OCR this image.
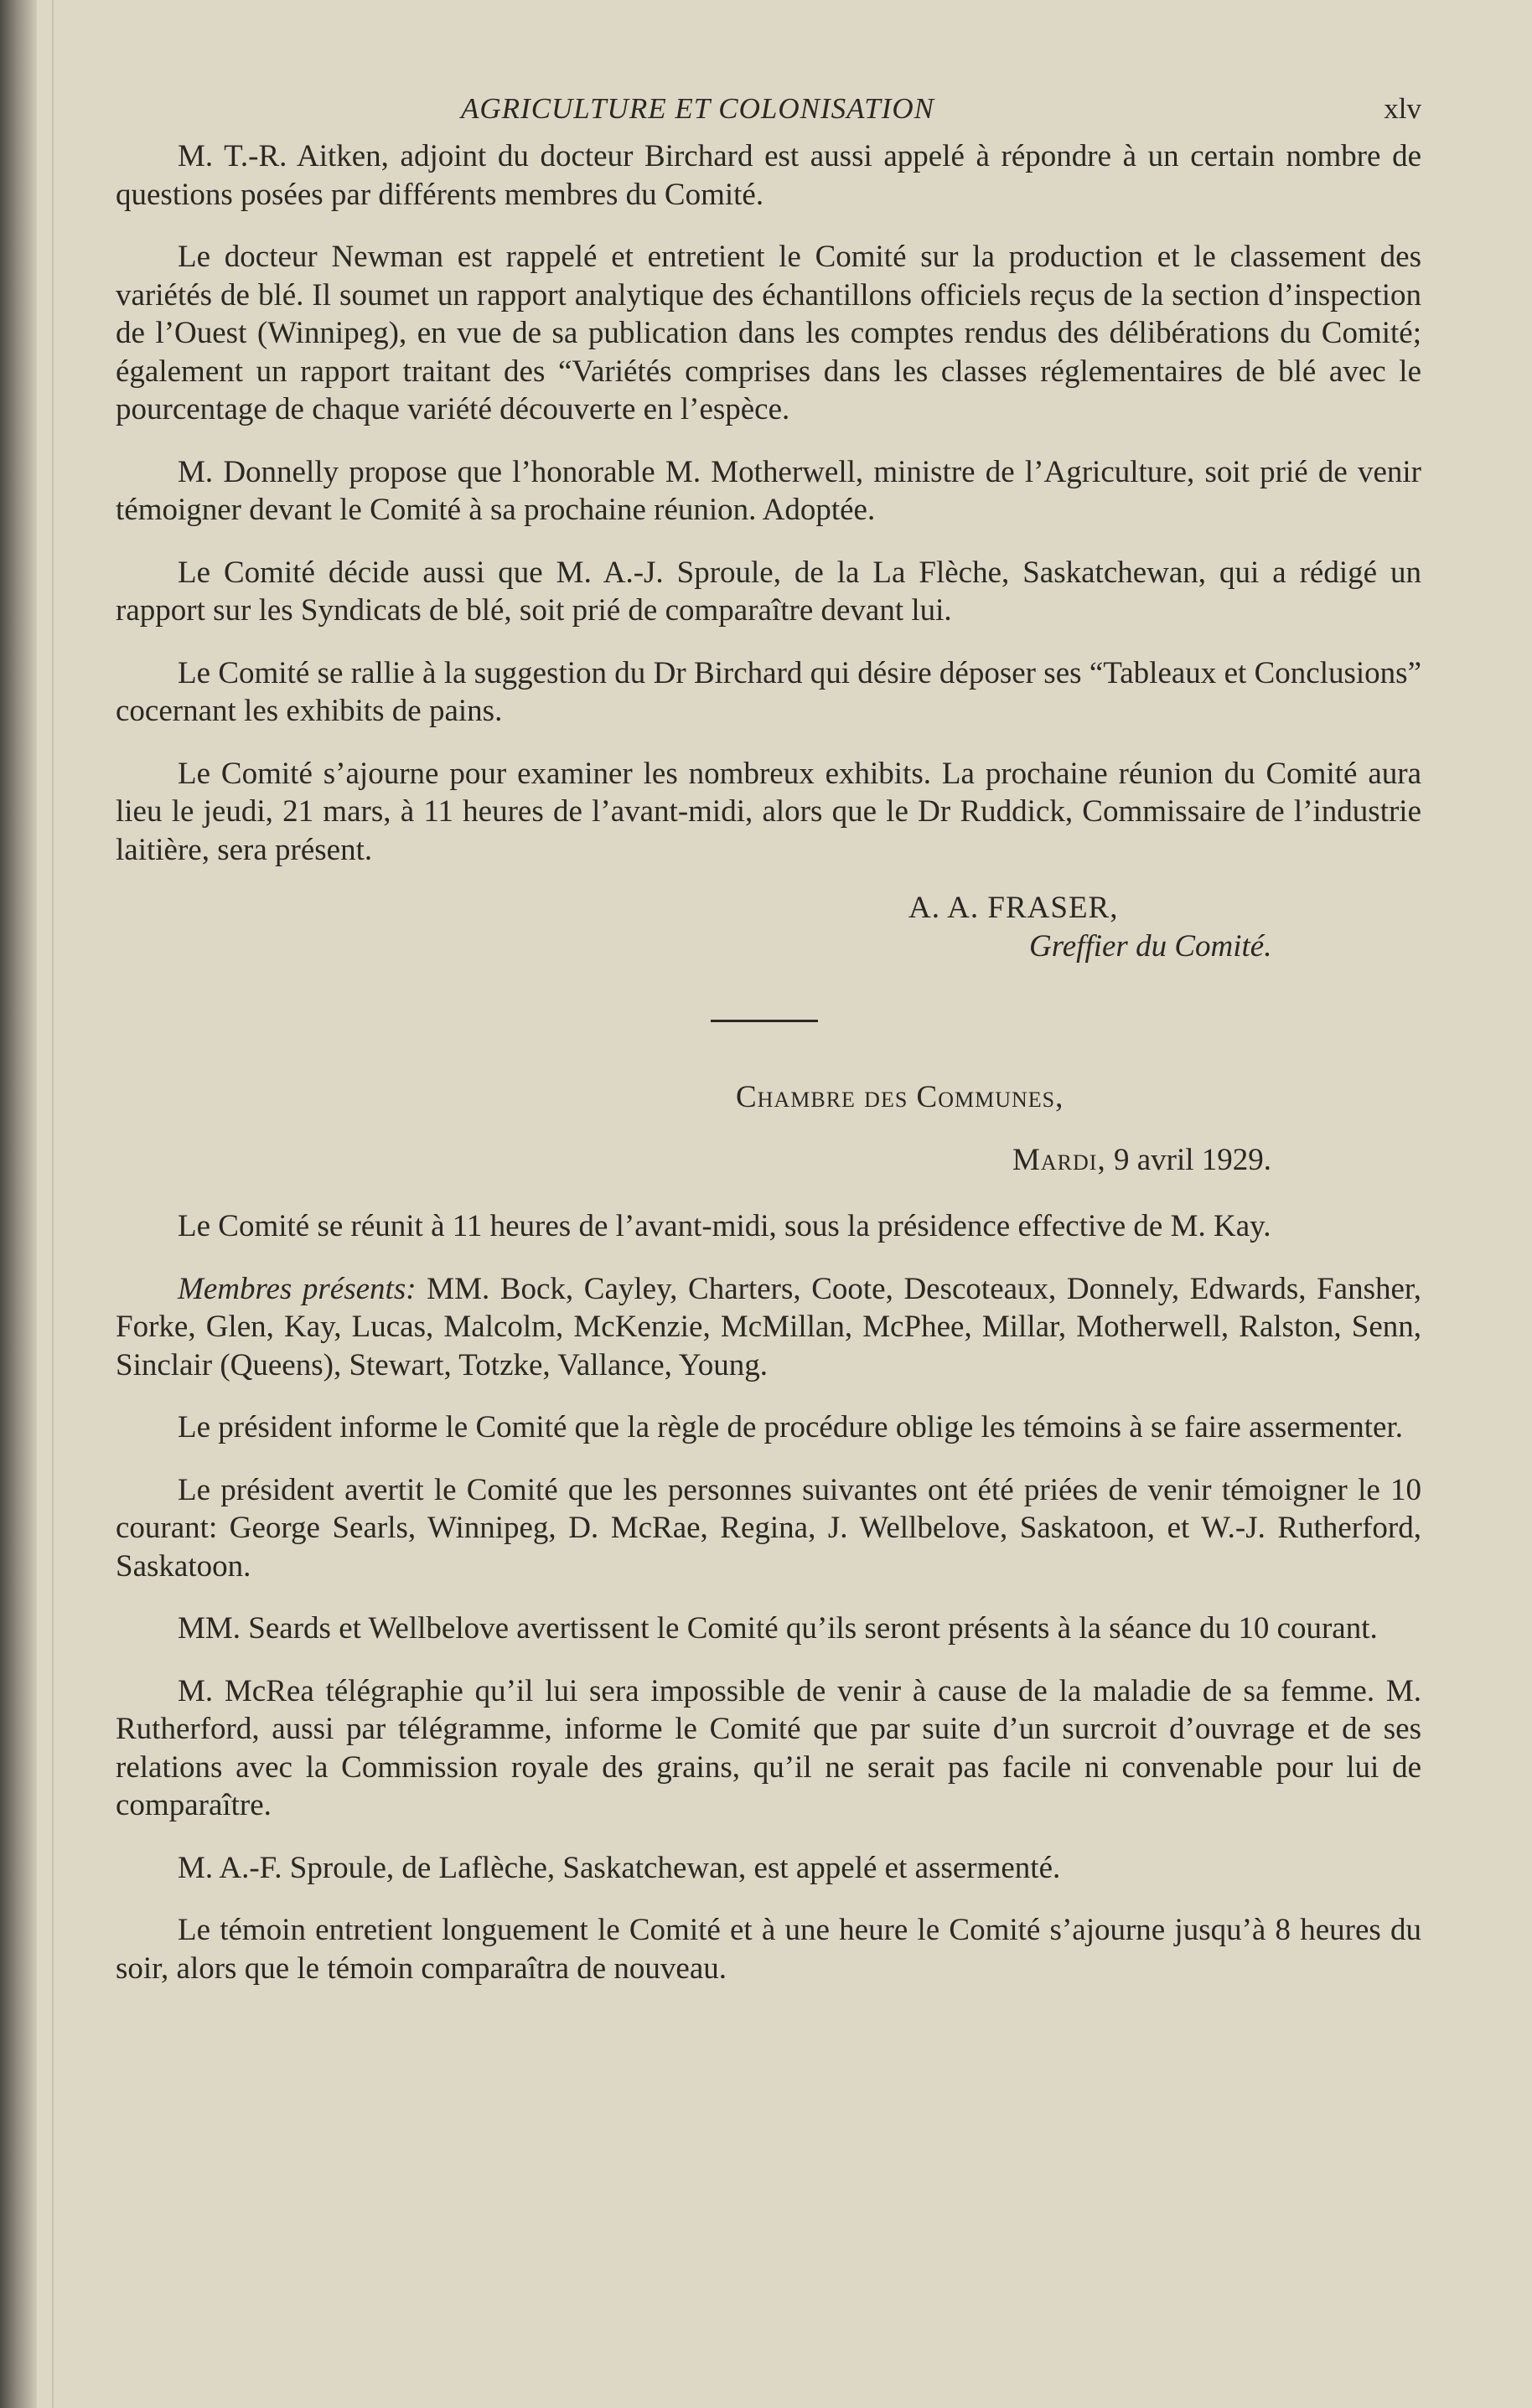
AGRICULTURE ET COLONISATION	xlv

M. T.-R. Aitken, adjoint du docteur Birchard est aussi appelé à répondre à un certain nombre de questions posées par différents membres du Comité.

Le docteur Newman est rappelé et entretient le Comité sur la production et le classement des variétés de blé. Il soumet un rapport analytique des échantillons officiels reçus de la section d’inspection de l’Ouest (Winnipeg), en vue de sa publication dans les comptes rendus des délibérations du Comité; également un rapport traitant des “Variétés comprises dans les classes réglementaires de blé avec le pourcentage de chaque variété découverte en l’espèce.

M. Donnelly propose que l’honorable M. Motherwell, ministre de l’Agriculture, soit prié de venir témoigner devant le Comité à sa prochaine réunion. Adoptée.

Le Comité décide aussi que M. A.-J. Sproule, de la La Flèche, Saskatchewan, qui a rédigé un rapport sur les Syndicats de blé, soit prié de comparaître devant lui.

Le Comité se rallie à la suggestion du Dr Birchard qui désire déposer ses “Tableaux et Conclusions” cocernant les exhibits de pains.

Le Comité s’ajourne pour examiner les nombreux exhibits. La prochaine réunion du Comité aura lieu le jeudi, 21 mars, à 11 heures de l’avant-midi, alors que le Dr Ruddick, Commissaire de l’industrie laitière, sera présent.

A. A. FRASER,
Greffier du Comité.
Chambre des Communes,
Mardi, 9 avril 1929.

Le Comité se réunit à 11 heures de l’avant-midi, sous la présidence effective de M. Kay.

Membres présents: MM. Bock, Cayley, Charters, Coote, Descoteaux, Donnely, Edwards, Fansher, Forke, Glen, Kay, Lucas, Malcolm, McKenzie, McMillan, McPhee, Millar, Motherwell, Ralston, Senn, Sinclair (Queens), Stewart, Totzke, Vallance, Young.

Le président informe le Comité que la règle de procédure oblige les témoins à se faire assermenter.

Le président avertit le Comité que les personnes suivantes ont été priées de venir témoigner le 10 courant: George Searls, Winnipeg, D. McRae, Regina, J. Wellbelove, Saskatoon, et W.-J. Rutherford, Saskatoon.

MM. Seards et Wellbelove avertissent le Comité qu’ils seront présents à la séance du 10 courant.

M. McRea télégraphie qu’il lui sera impossible de venir à cause de la maladie de sa femme. M. Rutherford, aussi par télégramme, informe le Comité que par suite d’un surcroit d’ouvrage et de ses relations avec la Commission royale des grains, qu’il ne serait pas facile ni convenable pour lui de comparaître.

M. A.-F. Sproule, de Laflèche, Saskatchewan, est appelé et assermenté.

Le témoin entretient longuement le Comité et à une heure le Comité s’ajourne jusqu’à 8 heures du soir, alors que le témoin comparaîtra de nouveau.
